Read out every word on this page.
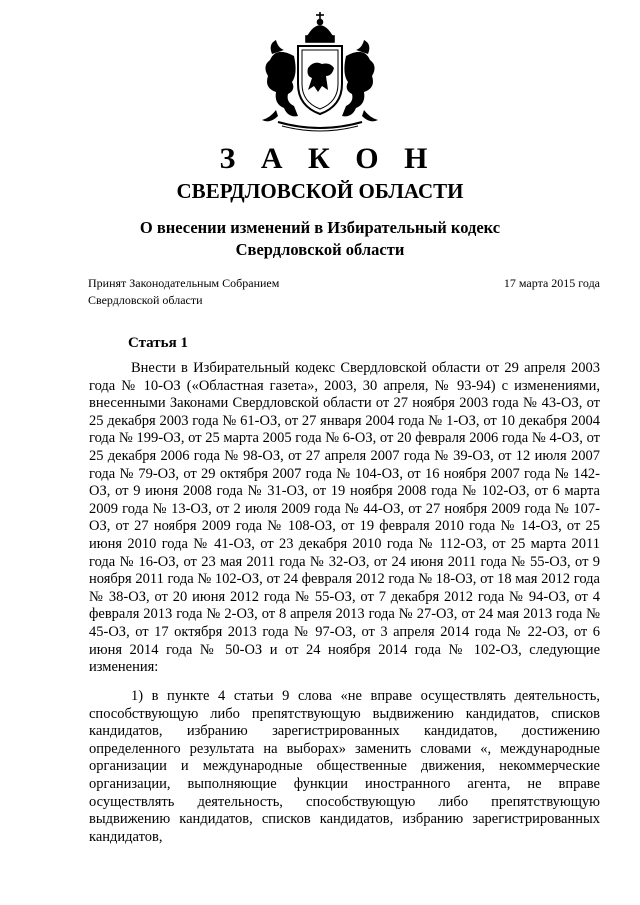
З А К О Н
СВЕРДЛОВСКОЙ ОБЛАСТИ
О внесении изменений в Избирательный кодекс Свердловской области
Принят Законодательным Собранием Свердловской области
17 марта 2015 года
Статья 1
Внести в Избирательный кодекс Свердловской области от 29 апреля 2003 года № 10-ОЗ («Областная газета», 2003, 30 апреля, № 93-94) с изменениями, внесенными Законами Свердловской области от 27 ноября 2003 года № 43-ОЗ, от 25 декабря 2003 года № 61-ОЗ, от 27 января 2004 года № 1-ОЗ, от 10 декабря 2004 года № 199-ОЗ, от 25 марта 2005 года № 6-ОЗ, от 20 февраля 2006 года № 4-ОЗ, от 25 декабря 2006 года № 98-ОЗ, от 27 апреля 2007 года № 39-ОЗ, от 12 июля 2007 года № 79-ОЗ, от 29 октября 2007 года № 104-ОЗ, от 16 ноября 2007 года № 142-ОЗ, от 9 июня 2008 года № 31-ОЗ, от 19 ноября 2008 года № 102-ОЗ, от 6 марта 2009 года № 13-ОЗ, от 2 июля 2009 года № 44-ОЗ, от 27 ноября 2009 года № 107-ОЗ, от 27 ноября 2009 года № 108-ОЗ, от 19 февраля 2010 года № 14-ОЗ, от 25 июня 2010 года № 41-ОЗ, от 23 декабря 2010 года № 112-ОЗ, от 25 марта 2011 года № 16-ОЗ, от 23 мая 2011 года № 32-ОЗ, от 24 июня 2011 года № 55-ОЗ, от 9 ноября 2011 года № 102-ОЗ, от 24 февраля 2012 года № 18-ОЗ, от 18 мая 2012 года № 38-ОЗ, от 20 июня 2012 года № 55-ОЗ, от 7 декабря 2012 года № 94-ОЗ, от 4 февраля 2013 года № 2-ОЗ, от 8 апреля 2013 года № 27-ОЗ, от 24 мая 2013 года № 45-ОЗ, от 17 октября 2013 года № 97-ОЗ, от 3 апреля 2014 года № 22-ОЗ, от 6 июня 2014 года № 50-ОЗ и от 24 ноября 2014 года № 102-ОЗ, следующие изменения:
1) в пункте 4 статьи 9 слова «не вправе осуществлять деятельность, способствующую либо препятствующую выдвижению кандидатов, списков кандидатов, избранию зарегистрированных кандидатов, достижению определенного результата на выборах» заменить словами «, международные организации и международные общественные движения, некоммерческие организации, выполняющие функции иностранного агента, не вправе осуществлять деятельность, способствующую либо препятствующую выдвижению кандидатов, списков кандидатов, избранию зарегистрированных кандидатов,
